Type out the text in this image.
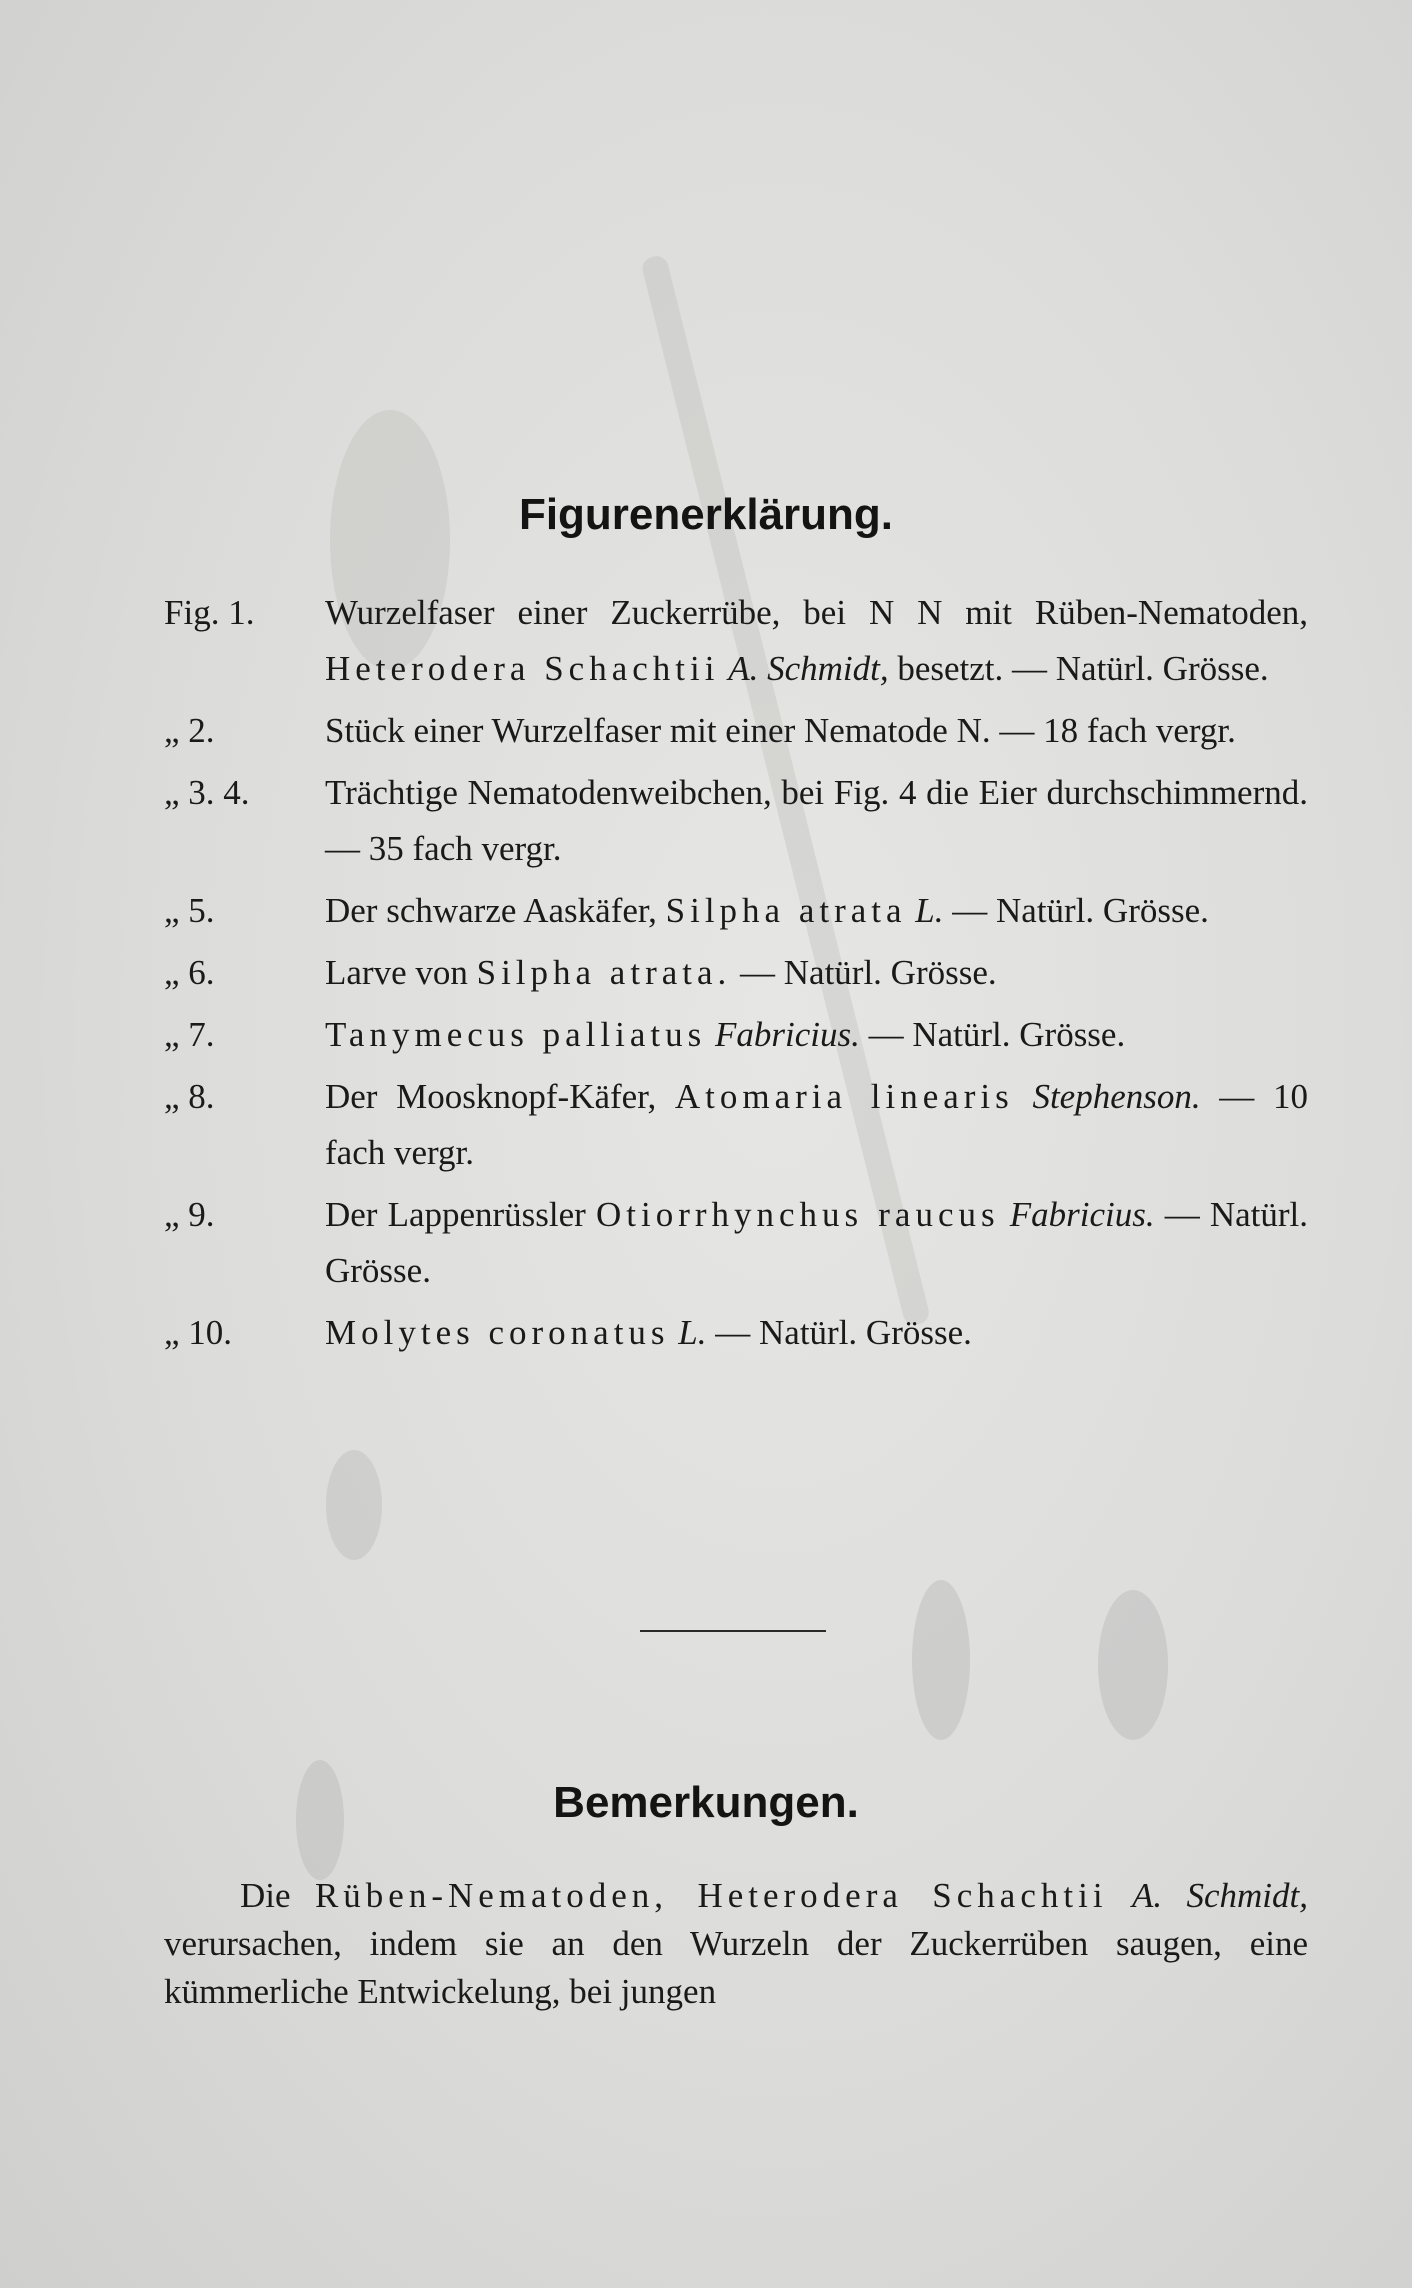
Figurenerklärung.
Fig. 1.	Wurzelfaser einer Zuckerrübe, bei N N mit Rüben-Nematoden, Heterodera Schachtii A. Schmidt, besetzt. — Natürl. Grösse.
„ 2.	Stück einer Wurzelfaser mit einer Nematode N. — 18 fach vergr.
„ 3. 4.	Trächtige Nematodenweibchen, bei Fig. 4 die Eier durchschimmernd. — 35 fach vergr.
„ 5.	Der schwarze Aaskäfer, Silpha atrata L. — Natürl. Grösse.
„ 6.	Larve von Silpha atrata. — Natürl. Grösse.
„ 7.	Tanymecus palliatus Fabricius. — Natürl. Grösse.
„ 8.	Der Moosknopf-Käfer, Atomaria linearis Stephenson. — 10 fach vergr.
„ 9.	Der Lappenrüssler Otiorrhynchus raucus Fabricius. — Natürl. Grösse.
„ 10.	Molytes coronatus L. — Natürl. Grösse.
Bemerkungen.
Die Rüben-Nematoden, Heterodera Schachtii A. Schmidt, verursachen, indem sie an den Wurzeln der Zuckerrüben saugen, eine kümmerliche Entwickelung, bei jungen
